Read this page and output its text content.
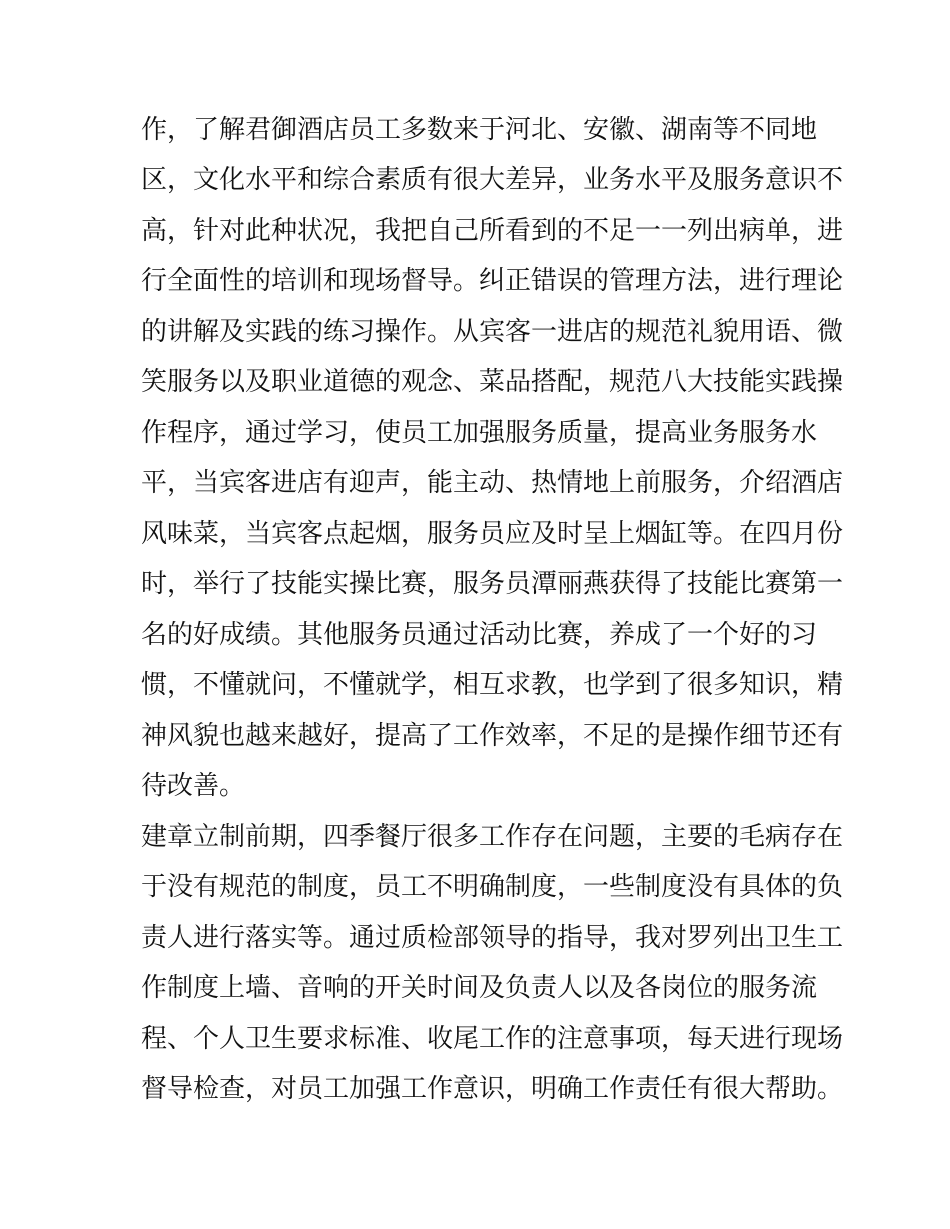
作，了解君御酒店员工多数来于河北、安徽、湖南等不同地
区，文化水平和综合素质有很大差异，业务水平及服务意识不
高，针对此种状况，我把自己所看到的不足一一列出病单，进
行全面性的培训和现场督导。纠正错误的管理方法，进行理论
的讲解及实践的练习操作。从宾客一进店的规范礼貌用语、微
笑服务以及职业道德的观念、菜品搭配，规范八大技能实践操
作程序，通过学习，使员工加强服务质量，提高业务服务水
平，当宾客进店有迎声，能主动、热情地上前服务，介绍酒店
风味菜，当宾客点起烟，服务员应及时呈上烟缸等。在四月份
时，举行了技能实操比赛，服务员潭丽燕获得了技能比赛第一
名的好成绩。其他服务员通过活动比赛，养成了一个好的习
惯，不懂就问，不懂就学，相互求教，也学到了很多知识，精
神风貌也越来越好，提高了工作效率，不足的是操作细节还有
待改善。
建章立制前期，四季餐厅很多工作存在问题，主要的毛病存在
于没有规范的制度，员工不明确制度，一些制度没有具体的负
责人进行落实等。通过质检部领导的指导，我对罗列出卫生工
作制度上墙、音响的开关时间及负责人以及各岗位的服务流
程、个人卫生要求标准、收尾工作的注意事项，每天进行现场
督导检查，对员工加强工作意识，明确工作责任有很大帮助。
